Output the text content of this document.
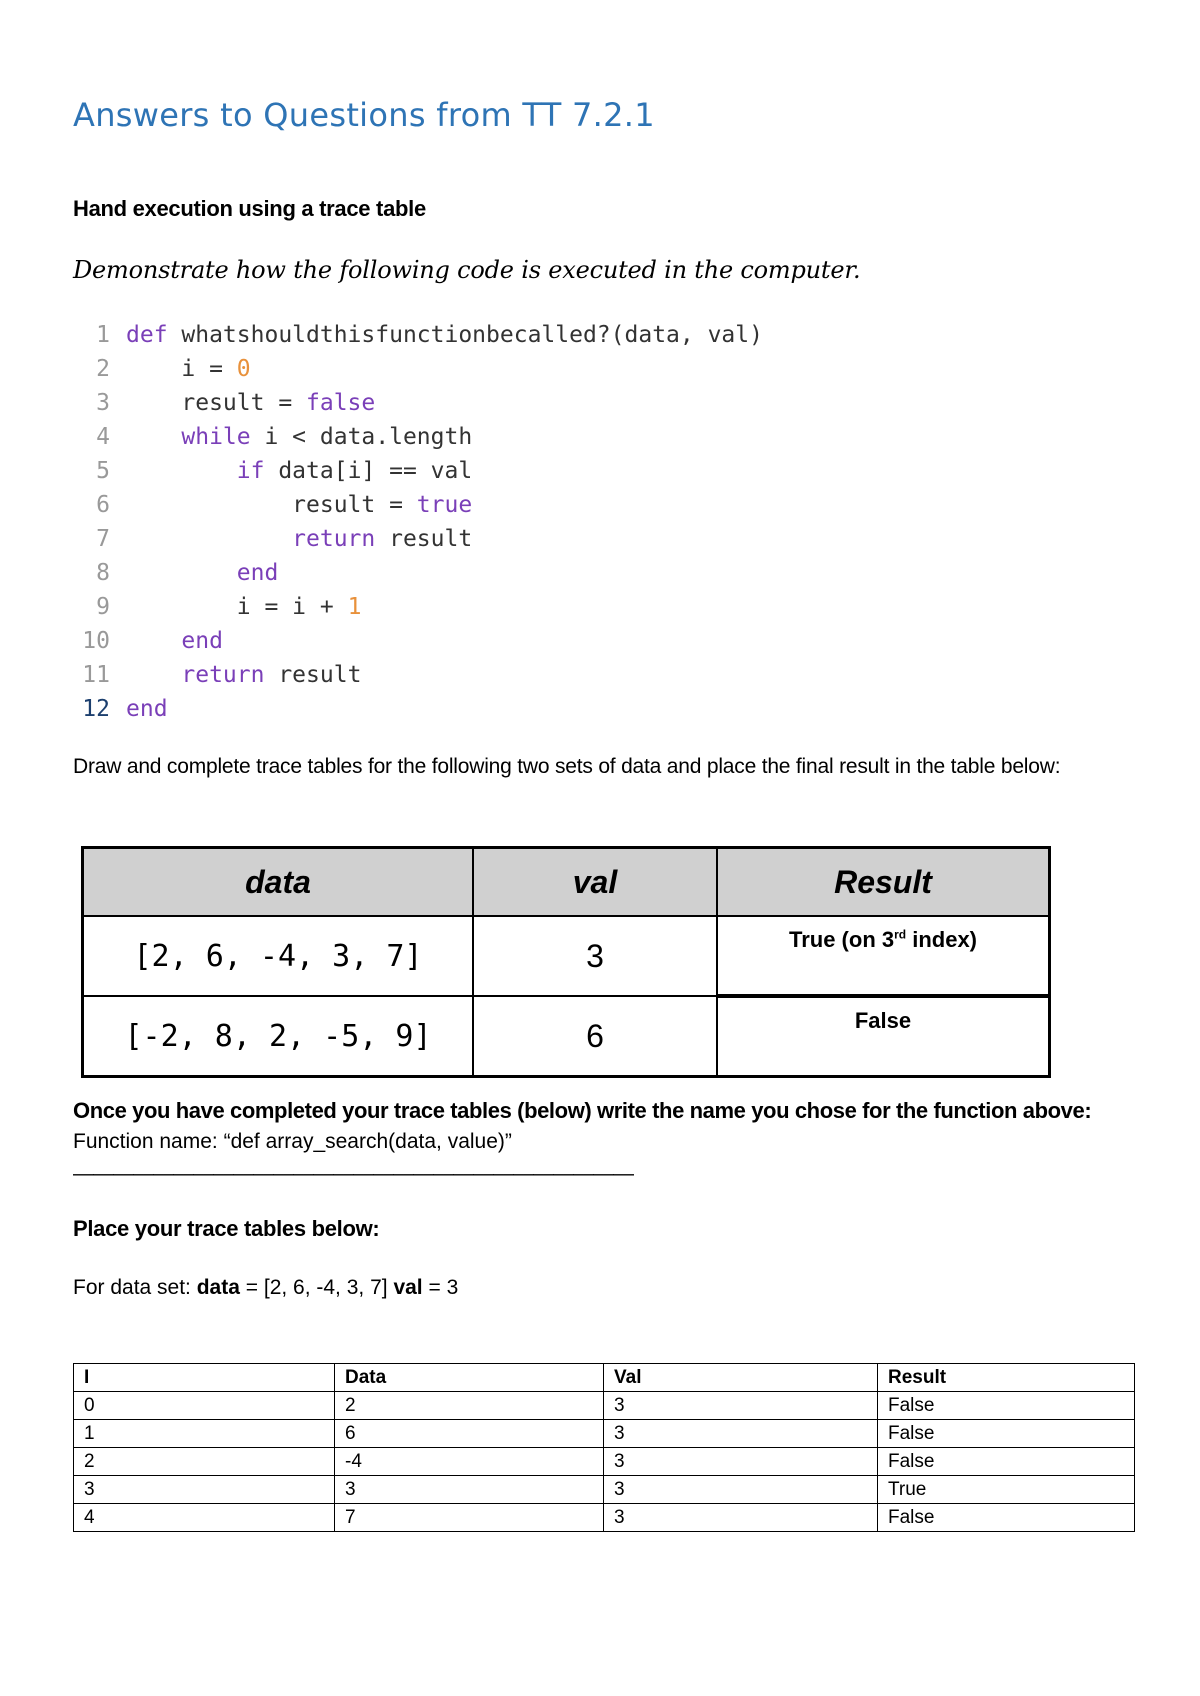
Answers to Questions from TT 7.2.1
Hand execution using a trace table
Demonstrate how the following code is executed in the computer.
1 def whatshouldthisfunctionbecalled?(data, val)
2 i = 0
3 result = false
4
	while i < data.length
5
	if data[i] == val
6 result = true
7
	return result
8
	end
9 i = i + 1
10
	end
11
	return result
12 end
Draw and complete trace tables for the following two sets of data and place the final result in the table below:
data	val	Result
[2, 6, -4, 3, 7]	3	True (on 3rd index)
[-2, 8, 2, -5, 9]	6	False
Once you have completed your trace tables (below) write the name you chose for the function above:
Function name: “def array_search(data, value)”
————————————————————————————
Place your trace tables below:
For data set: data = [2, 6, -4, 3, 7] val = 3
I	Data	Val	Result
0	2	3	False
1	6	3	False
2	-4	3	False
3	3	3	True
4	7	3	False
